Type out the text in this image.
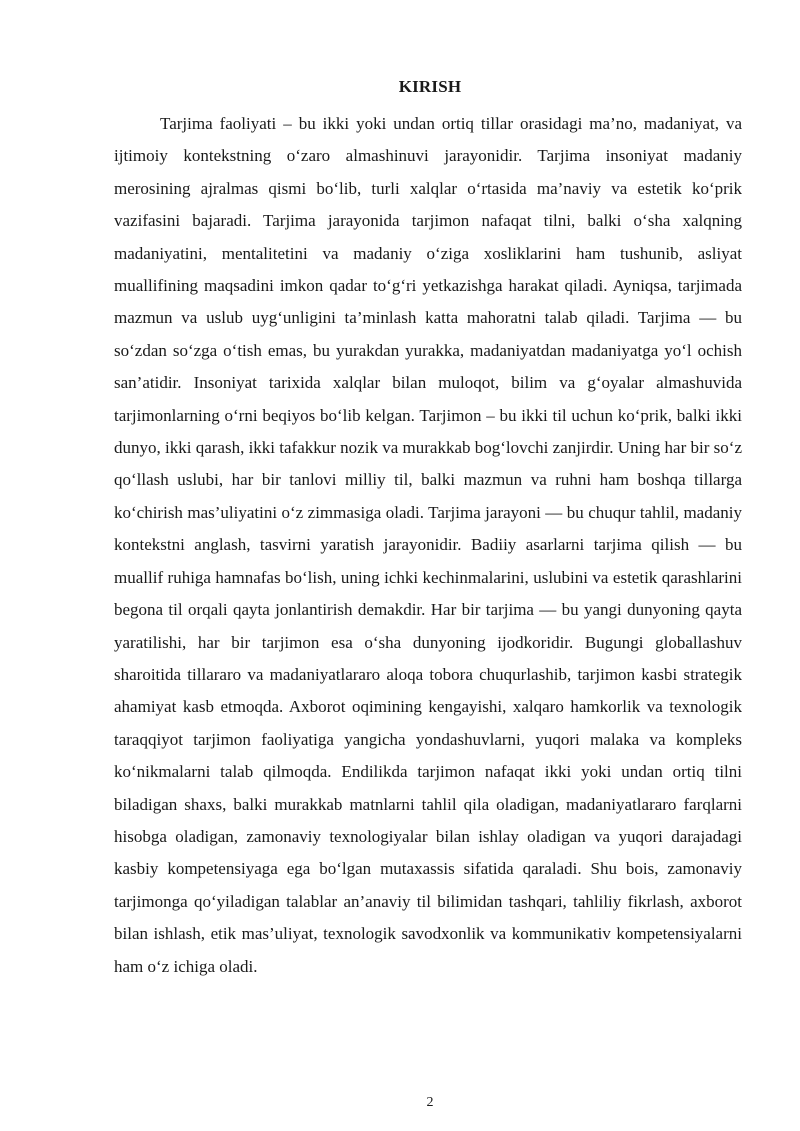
KIRISH

Tarjima faoliyati – bu ikki yoki undan ortiq tillar orasidagi ma’no, madaniyat, va ijtimoiy kontekstning o‘zaro almashinuvi jarayonidir. Tarjima insoniyat madaniy merosining ajralmas qismi bo‘lib, turli xalqlar o‘rtasida ma’naviy va estetik ko‘prik vazifasini bajaradi. Tarjima jarayonida tarjimon nafaqat tilni, balki o‘sha xalqning madaniyatini, mentalitetini va madaniy o‘ziga xosliklarini ham tushunib, asliyat muallifining maqsadini imkon qadar to‘g‘ri yetkazishga harakat qiladi. Ayniqsa, tarjimada mazmun va uslub uyg‘unligini ta’minlash katta mahoratni talab qiladi. Tarjima — bu so‘zdan so‘zga o‘tish emas, bu yurakdan yurakka, madaniyatdan madaniyatga yo‘l ochish san’atidir. Insoniyat tarixida xalqlar bilan muloqot, bilim va g‘oyalar almashuvida tarjimonlarning o‘rni beqiyos bo‘lib kelgan. Tarjimon – bu ikki til uchun ko‘prik, balki ikki dunyo, ikki qarash, ikki tafakkur nozik va murakkab bog‘lovchi zanjirdir. Uning har bir so‘z qo‘llash uslubi, har bir tanlovi milliy til, balki mazmun va ruhni ham boshqa tillarga ko‘chirish mas’uliyatini o‘z zimmasiga oladi. Tarjima jarayoni — bu chuqur tahlil, madaniy kontekstni anglash, tasvirni yaratish jarayonidir. Badiiy asarlarni tarjima qilish — bu muallif ruhiga hamnafas bo‘lish, uning ichki kechinmalarini, uslubini va estetik qarashlarini begona til orqali qayta jonlantirish demakdir. Har bir tarjima — bu yangi dunyoning qayta yaratilishi, har bir tarjimon esa o‘sha dunyoning ijodkoridir. Bugungi globallashuv sharoitida tillararo va madaniyatlararo aloqa tobora chuqurlashib, tarjimon kasbi strategik ahamiyat kasb etmoqda. Axborot oqimining kengayishi, xalqaro hamkorlik va texnologik taraqqiyot tarjimon faoliyatiga yangicha yondashuvlarni, yuqori malaka va kompleks ko‘nikmalarni talab qilmoqda. Endilikda tarjimon nafaqat ikki yoki undan ortiq tilni biladigan shaxs, balki murakkab matnlarni tahlil qila oladigan, madaniyatlararo farqlarni hisobga oladigan, zamonaviy texnologiyalar bilan ishlay oladigan va yuqori darajadagi kasbiy kompetensiyaga ega bo‘lgan mutaxassis sifatida qaraladi. Shu bois, zamonaviy tarjimonga qo‘yiladigan talablar an’anaviy til bilimidan tashqari, tahliliy fikrlash, axborot bilan ishlash, etik mas’uliyat, texnologik savodxonlik va kommunikativ kompetensiyalarni ham o‘z ichiga oladi.

2
